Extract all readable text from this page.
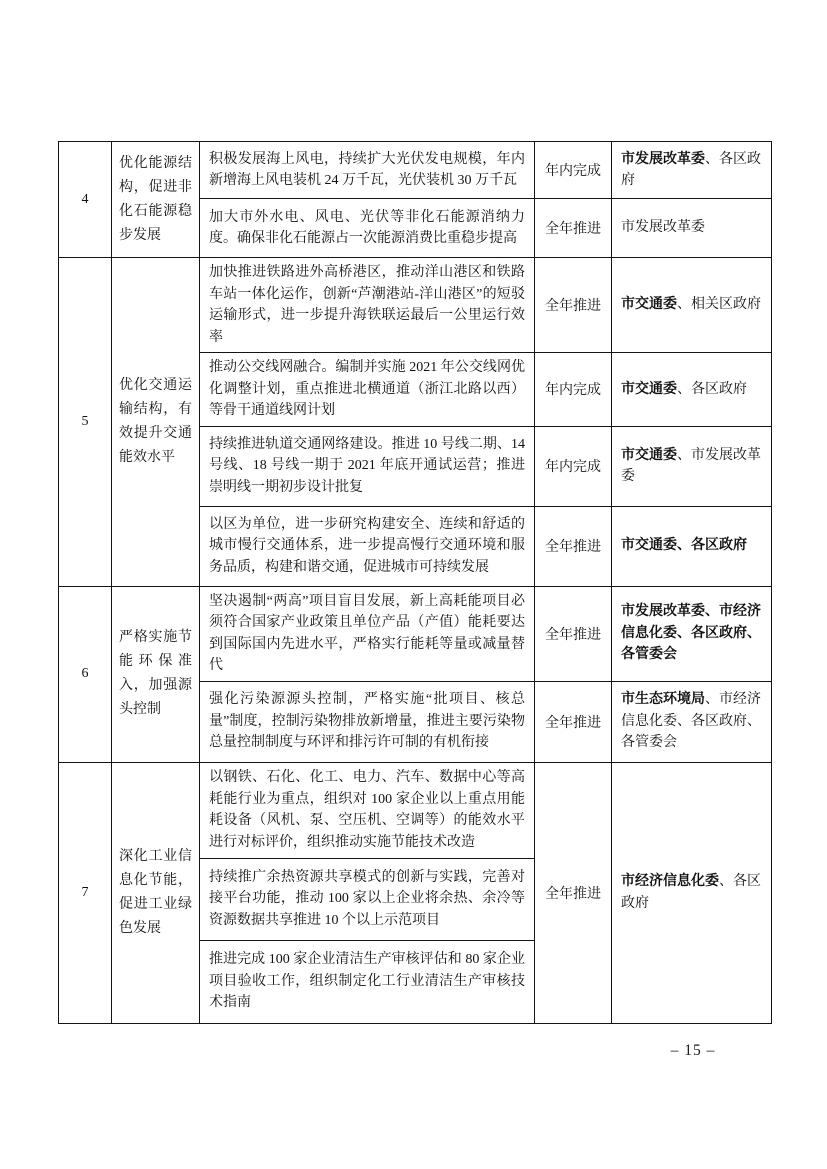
4	优化能源结构，促进非化石能源稳步发展	积极发展海上风电，持续扩大光伏发电规模，年内新增海上风电装机 24 万千瓦，光伏装机 30 万千瓦	年内完成	市发展改革委、各区政府
		加大市外水电、风电、光伏等非化石能源消纳力度。确保非化石能源占一次能源消费比重稳步提高	全年推进	市发展改革委
5	优化交通运输结构，有效提升交通能效水平	加快推进铁路进外高桥港区，推动洋山港区和铁路车站一体化运作，创新“芦潮港站-洋山港区”的短驳运输形式，进一步提升海铁联运最后一公里运行效率	全年推进	市交通委、相关区政府
		推动公交线网融合。编制并实施 2021 年公交线网优化调整计划，重点推进北横通道（浙江北路以西）等骨干通道线网计划	年内完成	市交通委、各区政府
		持续推进轨道交通网络建设。推进 10 号线二期、14 号线、18 号线一期于 2021 年底开通试运营；推进崇明线一期初步设计批复	年内完成	市交通委、市发展改革委
		以区为单位，进一步研究构建安全、连续和舒适的城市慢行交通体系，进一步提高慢行交通环境和服务品质，构建和谐交通，促进城市可持续发展	全年推进	市交通委、各区政府
6	严格实施节能环保准入，加强源头控制	坚决遏制“两高”项目盲目发展，新上高耗能项目必须符合国家产业政策且单位产品（产值）能耗要达到国际国内先进水平，严格实行能耗等量或减量替代	全年推进	市发展改革委、市经济信息化委、各区政府、各管委会
		强化污染源源头控制，严格实施“批项目、核总量”制度，控制污染物排放新增量，推进主要污染物总量控制制度与环评和排污许可制的有机衔接	全年推进	市生态环境局、市经济信息化委、各区政府、各管委会
7	深化工业信息化节能，促进工业绿色发展	以钢铁、石化、化工、电力、汽车、数据中心等高耗能行业为重点，组织对 100 家企业以上重点用能耗设备（风机、泵、空压机、空调等）的能效水平进行对标评价，组织推动实施节能技术改造	全年推进	市经济信息化委、各区政府
		持续推广余热资源共享模式的创新与实践，完善对接平台功能，推动 100 家以上企业将余热、余冷等资源数据共享推进 10 个以上示范项目		
		推进完成 100 家企业清洁生产审核评估和 80 家企业项目验收工作，组织制定化工行业清洁生产审核技术指南		
– 15 –
